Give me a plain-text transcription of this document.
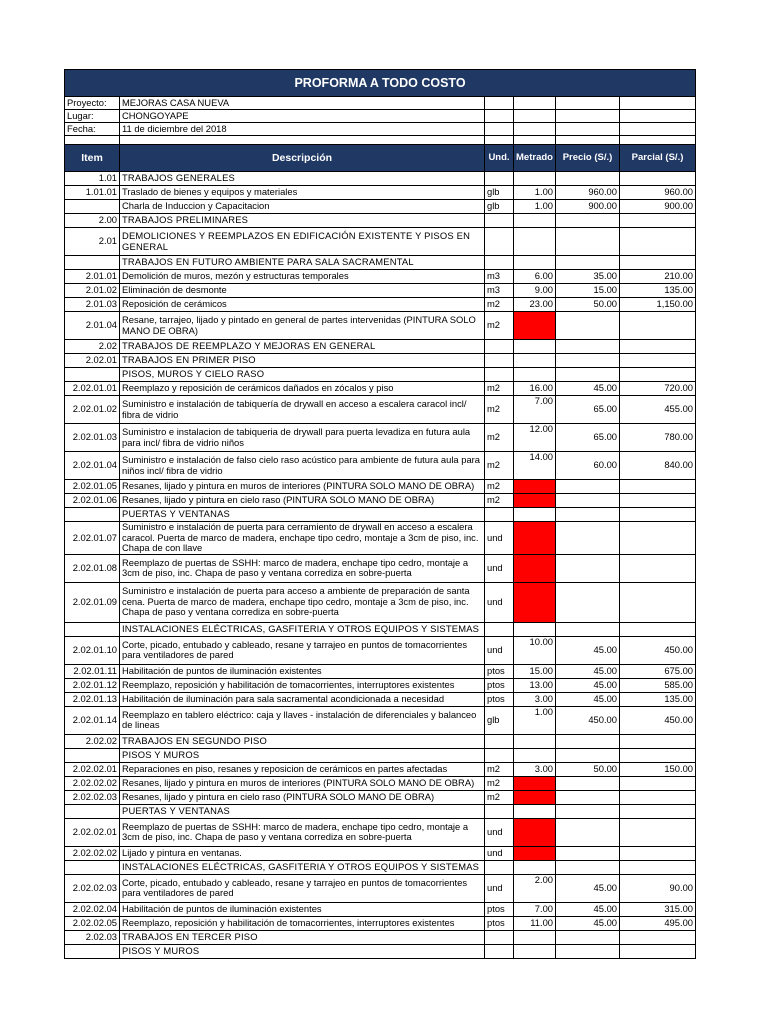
PROFORMA A TODO COSTO					
Proyecto:	MEJORAS CASA NUEVA				
Lugar:	CHONGOYAPE				
Fecha:	11 de diciembre del 2018				

Item	Descripción	Und.	Metrado	Precio (S/.)	Parcial (S/.)
1.01	TRABAJOS GENERALES				
1.01.01	Traslado de bienes y equipos y materiales	glb	1.00	960.00	960.00
	Charla de Induccion y Capacitacion	glb	1.00	900.00	900.00
2.00	TRABAJOS PRELIMINARES				
2.01	DEMOLICIONES Y REEMPLAZOS EN EDIFICACIÓN EXISTENTE Y PISOS EN GENERAL				
	TRABAJOS EN FUTURO AMBIENTE PARA SALA SACRAMENTAL				
2.01.01	Demolición de muros, mezón y estructuras temporales	m3	6.00	35.00	210.00
2.01.02	Eliminación de desmonte	m3	9.00	15.00	135.00
2.01.03	Reposición de cerámicos	m2	23.00	50.00	1,150.00
2.01.04	Resane, tarrajeo, lijado y pintado en general de partes intervenidas (PINTURA SOLO MANO DE OBRA)	m2			
2.02	TRABAJOS DE REEMPLAZO Y MEJORAS EN GENERAL				
2.02.01	TRABAJOS EN PRIMER PISO				
	PISOS, MUROS Y CIELO RASO				
2.02.01.01	Reemplazo y reposición de cerámicos dañados en zócalos y piso	m2	16.00	45.00	720.00
2.02.01.02	Suministro e instalación de tabiquería de drywall en acceso a escalera caracol incl/ fibra de vidrio	m2	7.00	65.00	455.00
2.02.01.03	Suministro e instalacion de tabiqueria de drywall para puerta levadiza en futura aula para incl/ fibra de vidrio niños	m2	12.00	65.00	780.00
2.02.01.04	Suministro e instalación de falso cielo raso acústico para ambiente de futura aula para niños incl/ fibra de vidrio	m2	14.00	60.00	840.00
2.02.01.05	Resanes, lijado y pintura en muros de interiores (PINTURA SOLO MANO DE OBRA)	m2			
2.02.01.06	Resanes, lijado y pintura en cielo raso (PINTURA SOLO MANO DE OBRA)	m2			
	PUERTAS Y VENTANAS				
2.02.01.07	Suministro e instalación de puerta para cerramiento de drywall en acceso a escalera caracol. Puerta de marco de madera, enchape tipo cedro, montaje a 3cm de piso, inc. Chapa de con llave	und			
2.02.01.08	Reemplazo de puertas de SSHH: marco de madera, enchape tipo cedro, montaje a 3cm de piso, inc. Chapa de paso y ventana corrediza en sobre-puerta	und			
2.02.01.09	Suministro e instalación de puerta para acceso a ambiente de preparación de santa cena. Puerta de marco de madera, enchape tipo cedro, montaje a 3cm de piso, inc. Chapa de paso y ventana corrediza en sobre-puerta	und			
	INSTALACIONES ELÉCTRICAS, GASFITERIA Y OTROS EQUIPOS Y SISTEMAS				
2.02.01.10	Corte, picado, entubado y cableado, resane y tarrajeo en puntos de tomacorrientes para ventiladores de pared	und	10.00	45.00	450.00
2.02.01.11	Habilitación de puntos de iluminación existentes	ptos	15.00	45.00	675.00
2.02.01.12	Reemplazo, reposición y habilitación de tomacorrientes, interruptores existentes	ptos	13.00	45.00	585.00
2.02.01.13	Habilitación de iluminación para sala sacramental acondicionada a necesidad	ptos	3.00	45.00	135.00
2.02.01.14	Reemplazo en tablero eléctrico: caja y llaves - instalación de diferenciales y balanceo de lineas	glb	1.00	450.00	450.00
2.02.02	TRABAJOS EN SEGUNDO PISO				
	PISOS Y MUROS				
2.02.02.01	Reparaciones en piso, resanes y reposicion de cerámicos en partes afectadas	m2	3.00	50.00	150.00
2.02.02.02	Resanes, lijado y pintura en muros de interiores (PINTURA SOLO MANO DE OBRA)	m2			
2.02.02.03	Resanes, lijado y pintura en cielo raso (PINTURA SOLO MANO DE OBRA)	m2			
	PUERTAS Y VENTANAS				
2.02.02.01	Reemplazo de puertas de SSHH: marco de madera, enchape tipo cedro, montaje a 3cm de piso, inc. Chapa de paso y ventana corrediza en sobre-puerta	und			
2.02.02.02	Lijado y pintura en ventanas.	und			
	INSTALACIONES ELÉCTRICAS, GASFITERIA Y OTROS EQUIPOS Y SISTEMAS				
2.02.02.03	Corte, picado, entubado y cableado, resane y tarrajeo en puntos de tomacorrientes para ventiladores de pared	und	2.00	45.00	90.00
2.02.02.04	Habilitación de puntos de iluminación existentes	ptos	7.00	45.00	315.00
2.02.02.05	Reemplazo, reposición y habilitación de tomacorrientes, interruptores existentes	ptos	11.00	45.00	495.00
2.02.03	TRABAJOS EN TERCER PISO				
	PISOS Y MUROS				
